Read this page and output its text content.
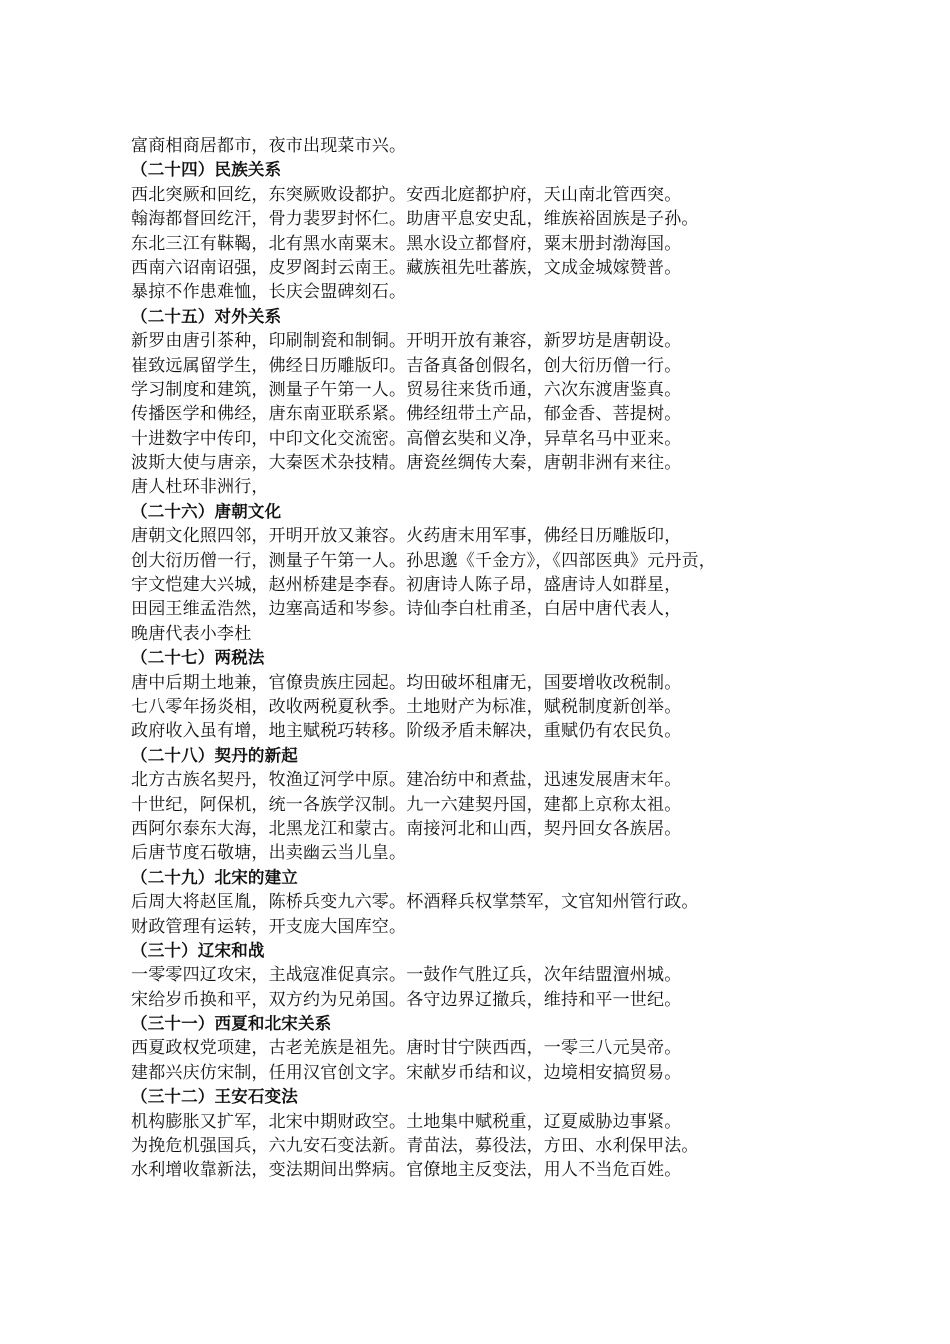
富商相商居都市，夜市出现菜市兴。
（二十四）民族关系
西北突厥和回纥，东突厥败设都护。安西北庭都护府，天山南北管西突。
翰海都督回纥汗，骨力裴罗封怀仁。助唐平息安史乱，维族裕固族是子孙。
东北三江有靺鞨，北有黑水南粟末。黑水设立都督府，粟末册封渤海国。
西南六诏南诏强，皮罗阁封云南王。藏族祖先吐蕃族，文成金城嫁赞普。
暴掠不作患难恤，长庆会盟碑刻石。
（二十五）对外关系
新罗由唐引茶种，印刷制瓷和制铜。开明开放有兼容，新罗坊是唐朝设。
崔致远属留学生，佛经日历雕版印。吉备真备创假名，创大衍历僧一行。
学习制度和建筑，测量子午第一人。贸易往来货币通，六次东渡唐鉴真。
传播医学和佛经，唐东南亚联系紧。佛经纽带土产品，郁金香、菩提树。
十进数字中传印，中印文化交流密。高僧玄奘和义净，异草名马中亚来。
波斯大使与唐亲，大秦医术杂技精。唐瓷丝绸传大秦，唐朝非洲有来往。
唐人杜环非洲行，
（二十六）唐朝文化
唐朝文化照四邻，开明开放又兼容。火药唐末用军事，佛经日历雕版印，
创大衍历僧一行，测量子午第一人。孙思邈《千金方》，《四部医典》元丹贡，
宇文恺建大兴城，赵州桥建是李春。初唐诗人陈子昂，盛唐诗人如群星，
田园王维孟浩然，边塞高适和岑参。诗仙李白杜甫圣，白居中唐代表人，
晚唐代表小李杜
（二十七）两税法
唐中后期土地兼，官僚贵族庄园起。均田破坏租庸无，国要增收改税制。
七八零年扬炎相，改收两税夏秋季。土地财产为标准，赋税制度新创举。
政府收入虽有增，地主赋税巧转移。阶级矛盾未解决，重赋仍有农民负。
（二十八）契丹的新起
北方古族名契丹，牧渔辽河学中原。建冶纺中和煮盐，迅速发展唐末年。
十世纪，阿保机，统一各族学汉制。九一六建契丹国，建都上京称太祖。
西阿尔泰东大海，北黑龙江和蒙古。南接河北和山西，契丹回女各族居。
后唐节度石敬塘，出卖幽云当儿皇。
（二十九）北宋的建立
后周大将赵匡胤，陈桥兵变九六零。杯酒释兵权掌禁军，文官知州管行政。
财政管理有运转，开支庞大国库空。
（三十）辽宋和战
一零零四辽攻宋，主战寇准促真宗。一鼓作气胜辽兵，次年结盟澶州城。
宋给岁币换和平，双方约为兄弟国。各守边界辽撤兵，维持和平一世纪。
（三十一）西夏和北宋关系
西夏政权党项建，古老羌族是祖先。唐时甘宁陕西西，一零三八元昊帝。
建都兴庆仿宋制，任用汉官创文字。宋献岁币结和议，边境相安搞贸易。
（三十二）王安石变法
机构膨胀又扩军，北宋中期财政空。土地集中赋税重，辽夏威胁边事紧。
为挽危机强国兵，六九安石变法新。青苗法，募役法，方田、水利保甲法。
水利增收靠新法，变法期间出弊病。官僚地主反变法，用人不当危百姓。
